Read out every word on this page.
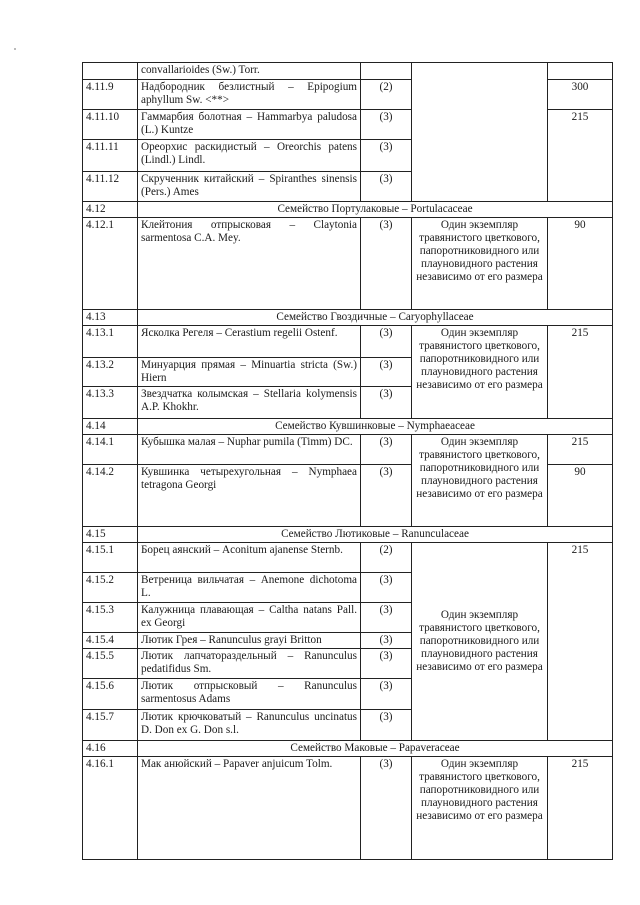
	convallarioides (Sw.) Torr.			
4.11.9	Надбородник безлистный – Epipogium aphyllum Sw. <**>	(2)		300
4.11.10	Гаммарбия болотная – Hammarbya paludosa (L.) Kuntze	(3)		215
4.11.11	Ореорхис раскидистый – Oreorchis patens (Lindl.) Lindl.	(3)		
4.11.12	Скрученник китайский – Spiranthes sinensis (Pers.) Ames	(3)		
4.12	Семейство Портулаковые – Portulacaceae			
4.12.1	Клейтония отпрысковая – Claytonia sarmentosa C.A. Mey.	(3)	Один экземпляр травянистого цветкового, папоротниковидного или плауновидного растения независимо от его размера	90
4.13	Семейство Гвоздичные – Caryophyllaceae			
4.13.1	Ясколка Регеля – Cerastium regelii Ostenf.	(3)	Один экземпляр травянистого цветкового, папоротниковидного или плауновидного растения независимо от его размера	215
4.13.2	Минуарция прямая – Minuartia stricta (Sw.) Hiern	(3)		
4.13.3	Звездчатка колымская – Stellaria kolymensis A.P. Khokhr.	(3)		
4.14	Семейство Кувшинковые – Nymphaeaceae			
4.14.1	Кубышка малая – Nuphar pumila (Timm) DC.	(3)	Один экземпляр травянистого цветкового, папоротниковидного или плауновидного растения независимо от его размера	215
4.14.2	Кувшинка четырехугольная – Nymphaea tetragona Georgi	(3)		90
4.15	Семейство Лютиковые – Ranunculaceae			
4.15.1	Борец аянский – Aconitum ajanense Sternb.	(2)	Один экземпляр травянистого цветкового, папоротниковидного или плауновидного растения независимо от его размера	215
4.15.2	Ветреница вильчатая – Anemone dichotoma L.	(3)		
4.15.3	Калужница плавающая – Caltha natans Pall. ex Georgi	(3)		
4.15.4	Лютик Грея – Ranunculus grayi Britton	(3)		
4.15.5	Лютик лапчатораздельный – Ranunculus pedatifidus Sm.	(3)		
4.15.6	Лютик отпрысковый – Ranunculus sarmentosus Adams	(3)		
4.15.7	Лютик крючковатый – Ranunculus uncinatus D. Don ex G. Don s.l.	(3)		
4.16	Семейство Маковые – Papaveraceae			
4.16.1	Мак анюйский – Papaver anjuicum Tolm.	(3)	Один экземпляр травянистого цветкового, папоротниковидного или плауновидного растения независимо от его размера	215
